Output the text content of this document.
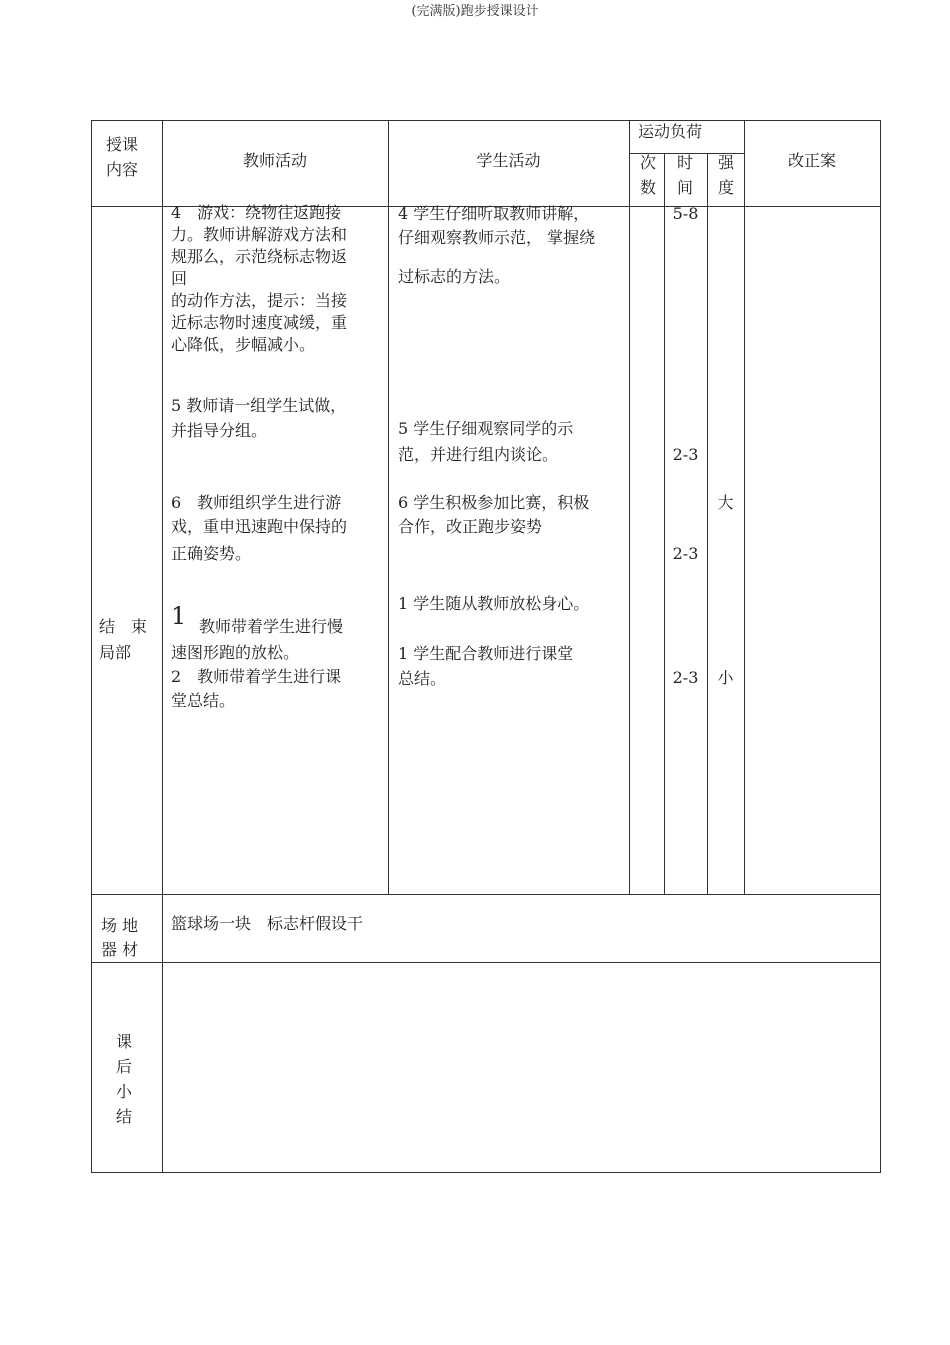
(完满版)跑步授课设计
授课
内容	教师活动	学生活动
运动负荷
次
数
时
间
强
度
改正案
结　束
局部
4　游戏：绕物往返跑接
力。教师讲解游戏方法和
规那么，示范绕标志物返
回
的动作方法，提示：当接
近标志物时速度减缓，重
心降低，步幅减小。
5 教师请一组学生试做，
并指导分组。
6　教师组织学生进行游
戏，重申迅速跑中保持的
正确姿势。
1
　教师带着学生进行慢
速图形跑的放松。
2　教师带着学生进行课
堂总结。
4 学生仔细听取教师讲解，
仔细观察教师示范， 掌握绕
过标志的方法。
5 学生仔细观察同学的示
范，并进行组内谈论。
6 学生积极参加比赛，积极
合作，改正跑步姿势
1 学生随从教师放松身心。
1 学生配合教师进行课堂
总结。
5-8
2-3
2-3
2-3
大
小
场 地
器 材
篮球场一块　标志杆假设干
课
后
小
结
